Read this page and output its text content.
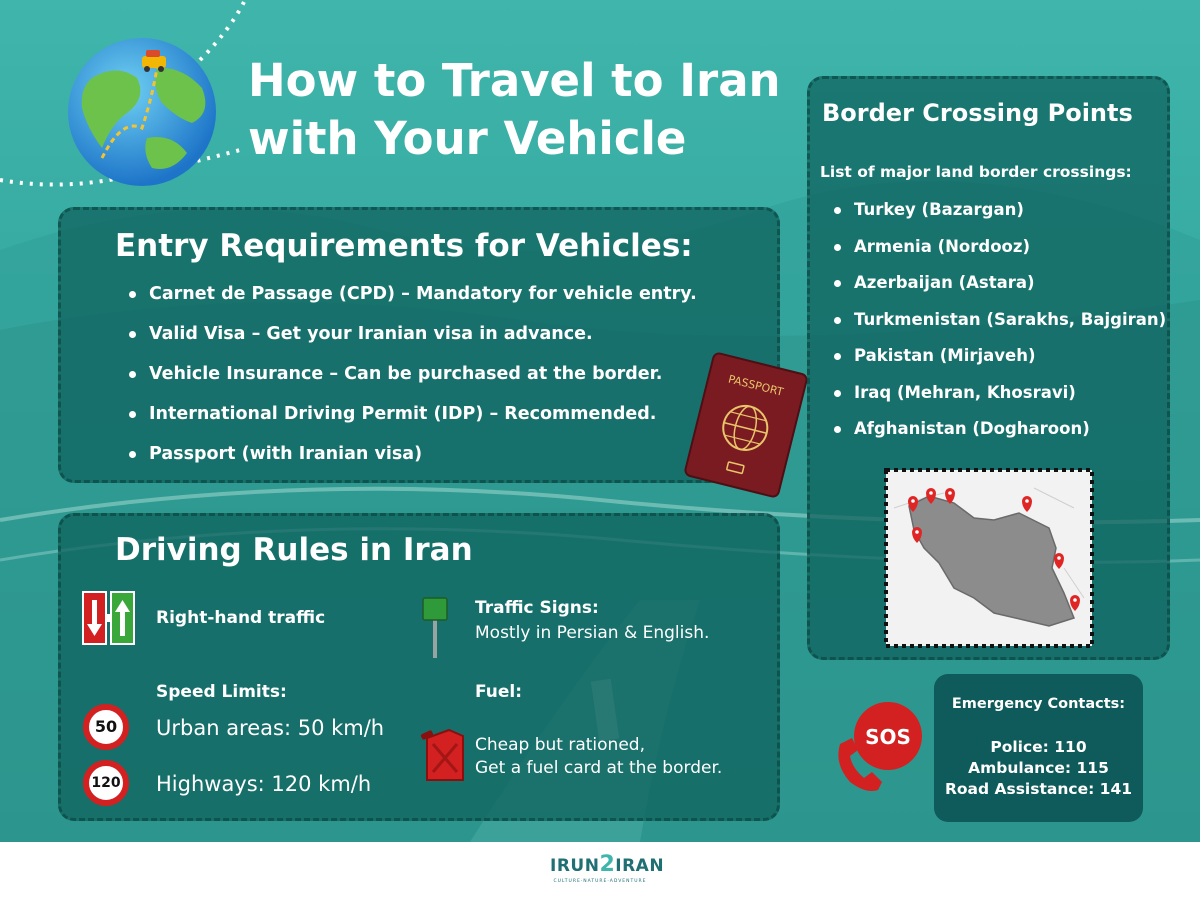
How to Travel to Iran
with Your Vehicle
Entry Requirements for Vehicles:
Carnet de Passage (CPD) – Mandatory for vehicle entry.
Valid Visa – Get your Iranian visa in advance.
Vehicle Insurance – Can be purchased at the border.
International Driving Permit (IDP) – Recommended.
Passport (with Iranian visa)
PASSPORT
Driving Rules in Iran
Right-hand traffic	Traffic Signs:
Mostly in Persian & English.
Speed Limits:
50	Urban areas: 50 km/h
120	Highways: 120 km/h
Fuel:
Cheap but rationed,
Get a fuel card at the border.
Border Crossing Points
List of major land border crossings:
Turkey (Bazargan)
Armenia (Nordooz)
Azerbaijan (Astara)
Turkmenistan (Sarakhs, Bajgiran)
Pakistan (Mirjaveh)
Iraq (Mehran, Khosravi)
Afghanistan (Dogharoon)
SOS
Emergency Contacts:
Police: 110
Ambulance: 115
Road Assistance: 141
IRUN2IRAN
CULTURE·NATURE·ADVENTURE
